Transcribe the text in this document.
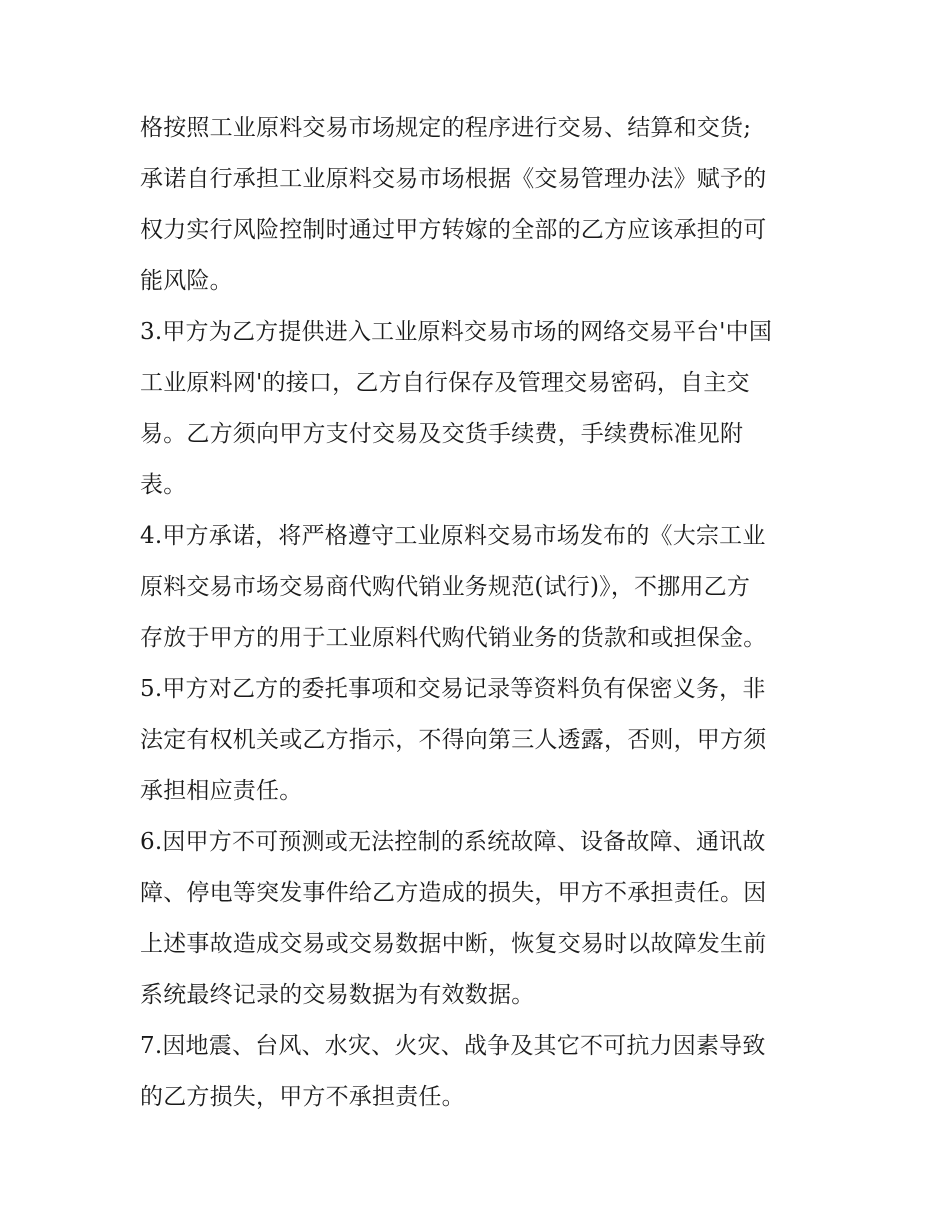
格按照工业原料交易市场规定的程序进行交易、结算和交货;
承诺自行承担工业原料交易市场根据《交易管理办法》赋予的
权力实行风险控制时通过甲方转嫁的全部的乙方应该承担的可
能风险。
3.甲方为乙方提供进入工业原料交易市场的网络交易平台'中国
工业原料网'的接口，乙方自行保存及管理交易密码，自主交
易。乙方须向甲方支付交易及交货手续费，手续费标准见附
表。
4.甲方承诺，将严格遵守工业原料交易市场发布的《大宗工业
原料交易市场交易商代购代销业务规范(试行)》，不挪用乙方
存放于甲方的用于工业原料代购代销业务的货款和或担保金。
5.甲方对乙方的委托事项和交易记录等资料负有保密义务，非
法定有权机关或乙方指示，不得向第三人透露，否则，甲方须
承担相应责任。
6.因甲方不可预测或无法控制的系统故障、设备故障、通讯故
障、停电等突发事件给乙方造成的损失，甲方不承担责任。因
上述事故造成交易或交易数据中断，恢复交易时以故障发生前
系统最终记录的交易数据为有效数据。
7.因地震、台风、水灾、火灾、战争及其它不可抗力因素导致
的乙方损失，甲方不承担责任。
